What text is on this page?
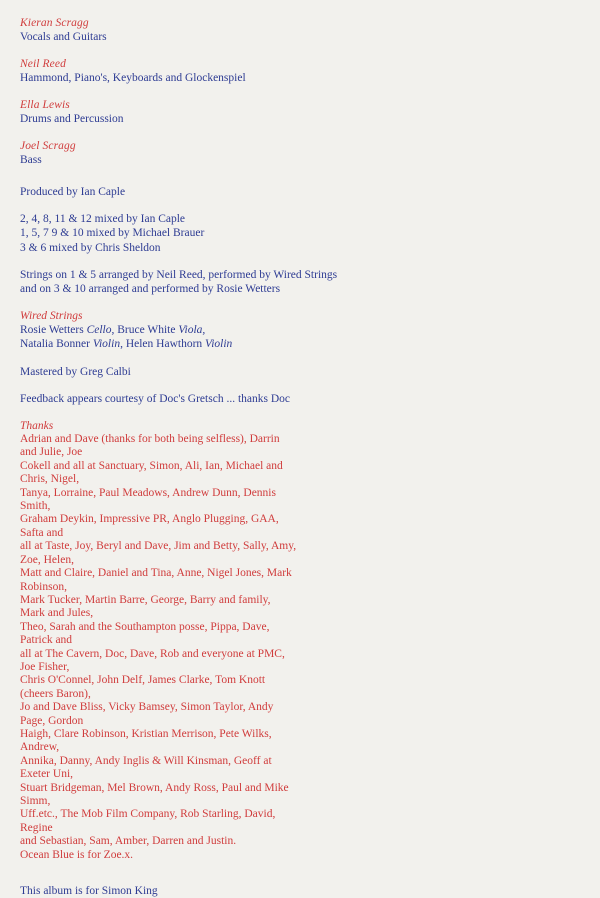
Kieran Scragg
Vocals and Guitars
Neil Reed
Hammond, Piano's, Keyboards and Glockenspiel
Ella Lewis
Drums and Percussion
Joel Scragg
Bass
Produced by Ian Caple
2, 4, 8, 11 & 12 mixed by Ian Caple
1, 5, 7 9 & 10 mixed by Michael Brauer
3 & 6 mixed by Chris Sheldon
Strings on 1 & 5 arranged by Neil Reed, performed by Wired Strings
and on 3 & 10 arranged and performed by Rosie Wetters
Wired Strings
Rosie Wetters Cello, Bruce White Viola,
Natalia Bonner Violin, Helen Hawthorn Violin
Mastered by Greg Calbi
Feedback appears courtesy of Doc's Gretsch ... thanks Doc
Thanks
Adrian and Dave (thanks for both being selfless), Darrin and Julie, Joe
Cokell and all at Sanctuary, Simon, Ali, Ian, Michael and Chris, Nigel,
Tanya, Lorraine, Paul Meadows, Andrew Dunn, Dennis Smith,
Graham Deykin, Impressive PR, Anglo Plugging, GAA, Safta and
all at Taste, Joy, Beryl and Dave, Jim and Betty, Sally, Amy, Zoe, Helen,
Matt and Claire, Daniel and Tina, Anne, Nigel Jones, Mark Robinson,
Mark Tucker, Martin Barre, George, Barry and family, Mark and Jules,
Theo, Sarah and the Southampton posse, Pippa, Dave, Patrick and
all at The Cavern, Doc, Dave, Rob and everyone at PMC, Joe Fisher,
Chris O'Connel, John Delf, James Clarke, Tom Knott (cheers Baron),
Jo and Dave Bliss, Vicky Bamsey, Simon Taylor, Andy Page, Gordon
Haigh, Clare Robinson, Kristian Merrison, Pete Wilks, Andrew,
Annika, Danny, Andy Inglis & Will Kinsman, Geoff at Exeter Uni,
Stuart Bridgeman, Mel Brown, Andy Ross, Paul and Mike Simm,
Uff.etc., The Mob Film Company, Rob Starling, David, Regine
and Sebastian, Sam, Amber, Darren and Justin.
Ocean Blue is for Zoe.x.
This album is for Simon King
